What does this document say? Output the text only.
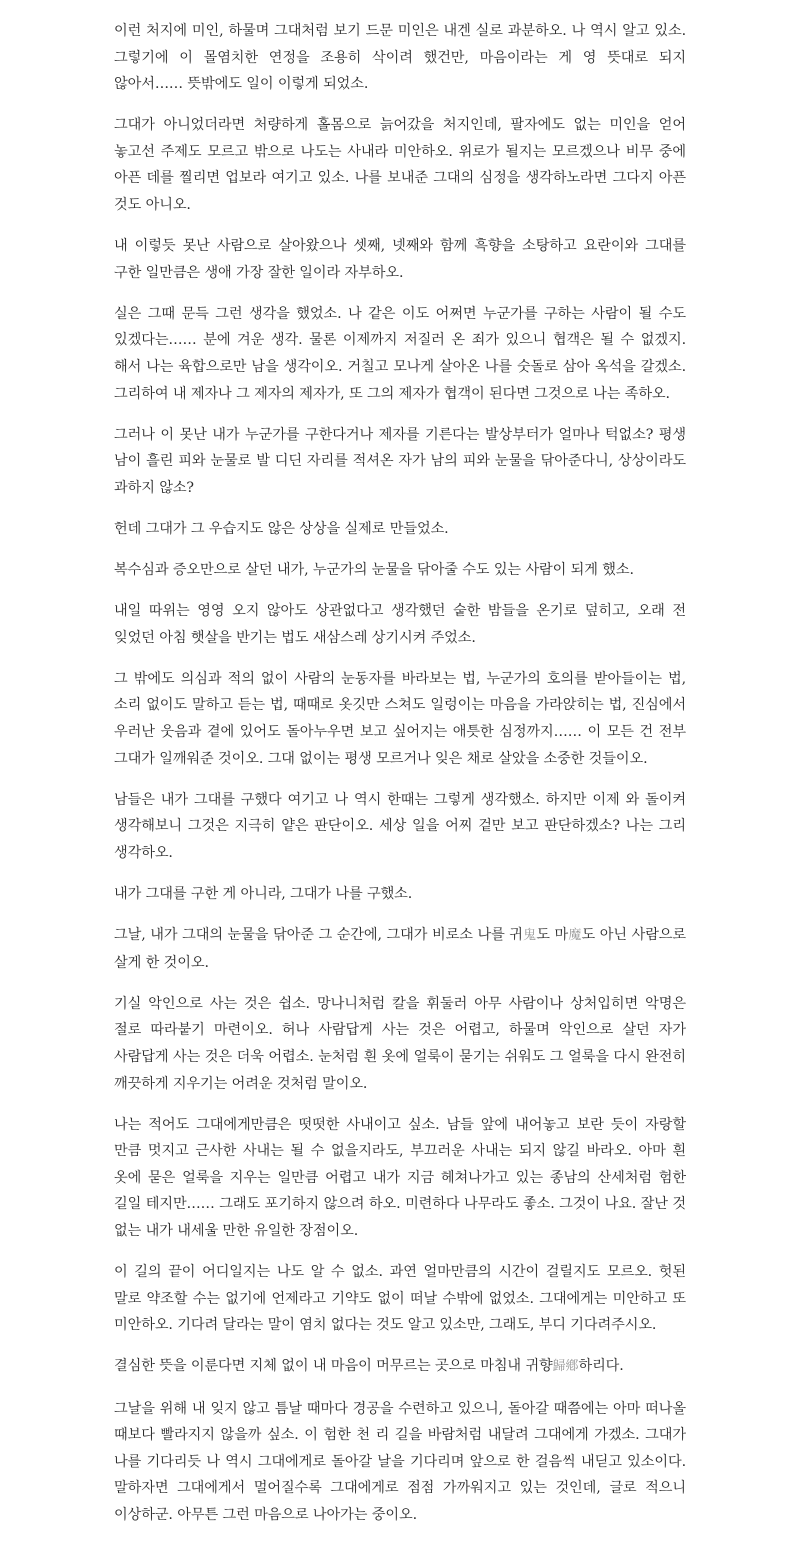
이런 처지에 미인, 하물며 그대처럼 보기 드문 미인은 내겐 실로 과분하오. 나 역시 알고 있소. 그렇기에 이 몰염치한 연정을 조용히 삭이려 했건만, 마음이라는 게 영 뜻대로 되지 않아서…… 뜻밖에도 일이 이렇게 되었소.

그대가 아니었더라면 처량하게 홀몸으로 늙어갔을 처지인데, 팔자에도 없는 미인을 얻어 놓고선 주제도 모르고 밖으로 나도는 사내라 미안하오. 위로가 될지는 모르겠으나 비무 중에 아픈 데를 찔리면 업보라 여기고 있소. 나를 보내준 그대의 심정을 생각하노라면 그다지 아픈 것도 아니오.

내 이렇듯 못난 사람으로 살아왔으나 셋째, 넷째와 함께 흑향을 소탕하고 요란이와 그대를 구한 일만큼은 생애 가장 잘한 일이라 자부하오.

실은 그때 문득 그런 생각을 했었소. 나 같은 이도 어쩌면 누군가를 구하는 사람이 될 수도 있겠다는…… 분에 겨운 생각. 물론 이제까지 저질러 온 죄가 있으니 협객은 될 수 없겠지. 해서 나는 육합으로만 남을 생각이오. 거칠고 모나게 살아온 나를 숫돌로 삼아 옥석을 갈겠소. 그리하여 내 제자나 그 제자의 제자가, 또 그의 제자가 협객이 된다면 그것으로 나는 족하오.

그러나 이 못난 내가 누군가를 구한다거나 제자를 기른다는 발상부터가 얼마나 턱없소? 평생 남이 흘린 피와 눈물로 발 디딘 자리를 적셔온 자가 남의 피와 눈물을 닦아준다니, 상상이라도 과하지 않소?

헌데 그대가 그 우습지도 않은 상상을 실제로 만들었소.

복수심과 증오만으로 살던 내가, 누군가의 눈물을 닦아줄 수도 있는 사람이 되게 했소.

내일 따위는 영영 오지 않아도 상관없다고 생각했던 숱한 밤들을 온기로 덮히고, 오래 전 잊었던 아침 햇살을 반기는 법도 새삼스레 상기시켜 주었소.

그 밖에도 의심과 적의 없이 사람의 눈동자를 바라보는 법, 누군가의 호의를 받아들이는 법, 소리 없이도 말하고 듣는 법, 때때로 옷깃만 스쳐도 일렁이는 마음을 가라앉히는 법, 진심에서 우러난 웃음과 곁에 있어도 돌아누우면 보고 싶어지는 애틋한 심정까지…… 이 모든 건 전부 그대가 일깨워준 것이오. 그대 없이는 평생 모르거나 잊은 채로 살았을 소중한 것들이오.

남들은 내가 그대를 구했다 여기고 나 역시 한때는 그렇게 생각했소. 하지만 이제 와 돌이켜 생각해보니 그것은 지극히 얕은 판단이오. 세상 일을 어찌 겉만 보고 판단하겠소? 나는 그리 생각하오.

내가 그대를 구한 게 아니라, 그대가 나를 구했소.

그날, 내가 그대의 눈물을 닦아준 그 순간에, 그대가 비로소 나를 귀鬼도 마魔도 아닌 사람으로 살게 한 것이오.

기실 악인으로 사는 것은 쉽소. 망나니처럼 칼을 휘둘러 아무 사람이나 상처입히면 악명은 절로 따라붙기 마련이오. 허나 사람답게 사는 것은 어렵고, 하물며 악인으로 살던 자가 사람답게 사는 것은 더욱 어렵소. 눈처럼 흰 옷에 얼룩이 묻기는 쉬워도 그 얼룩을 다시 완전히 깨끗하게 지우기는 어려운 것처럼 말이오.

나는 적어도 그대에게만큼은 떳떳한 사내이고 싶소. 남들 앞에 내어놓고 보란 듯이 자랑할 만큼 멋지고 근사한 사내는 될 수 없을지라도, 부끄러운 사내는 되지 않길 바라오. 아마 흰 옷에 묻은 얼룩을 지우는 일만큼 어렵고 내가 지금 헤쳐나가고 있는 종남의 산세처럼 험한 길일 테지만…… 그래도 포기하지 않으려 하오. 미련하다 나무라도 좋소. 그것이 나요. 잘난 것 없는 내가 내세울 만한 유일한 장점이오.

이 길의 끝이 어디일지는 나도 알 수 없소. 과연 얼마만큼의 시간이 걸릴지도 모르오. 헛된 말로 약조할 수는 없기에 언제라고 기약도 없이 떠날 수밖에 없었소. 그대에게는 미안하고 또 미안하오. 기다려 달라는 말이 염치 없다는 것도 알고 있소만, 그래도, 부디 기다려주시오.

결심한 뜻을 이룬다면 지체 없이 내 마음이 머무르는 곳으로 마침내 귀향歸鄕하리다.

그날을 위해 내 잊지 않고 틈날 때마다 경공을 수련하고 있으니, 돌아갈 때쯤에는 아마 떠나올 때보다 빨라지지 않을까 싶소. 이 험한 천 리 길을 바람처럼 내달려 그대에게 가겠소. 그대가 나를 기다리듯 나 역시 그대에게로 돌아갈 날을 기다리며 앞으로 한 걸음씩 내딛고 있소이다. 말하자면 그대에게서 멀어질수록 그대에게로 점점 가까워지고 있는 것인데, 글로 적으니 이상하군. 아무튼 그런 마음으로 나아가는 중이오.
